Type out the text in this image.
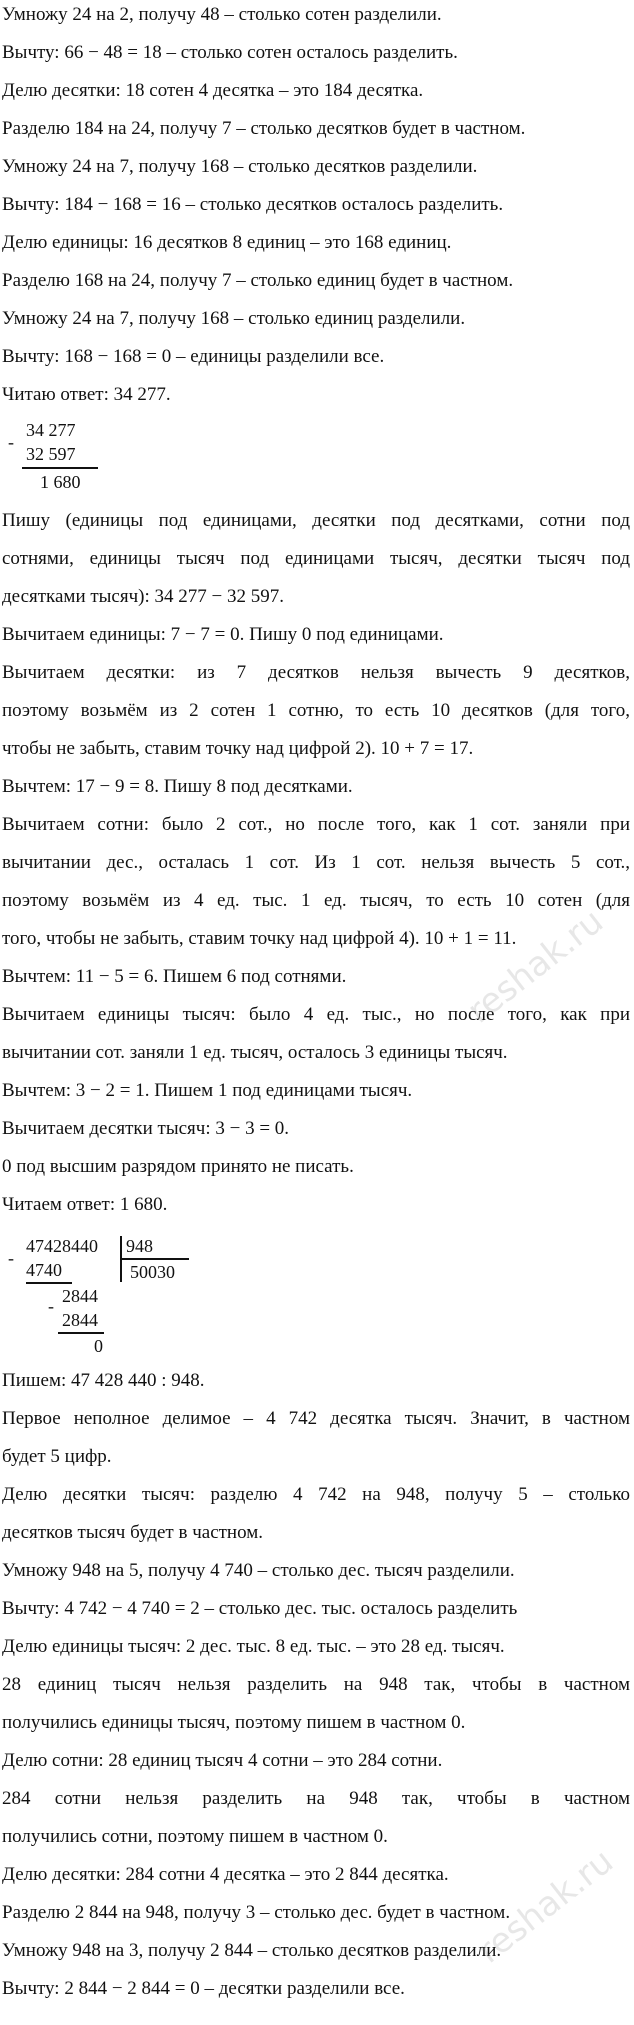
Умножу 24 на 2, получу 48 – столько сотен разделили.
Вычту: 66 − 48 = 18 – столько сотен осталось разделить.
Делю десятки: 18 сотен 4 десятка – это 184 десятка.
Разделю 184 на 24, получу 7 – столько десятков будет в частном.
Умножу 24 на 7, получу 168 – столько десятков разделили.
Вычту: 184 − 168 = 16 – столько десятков осталось разделить.
Делю единицы: 16 десятков 8 единиц – это 168 единиц.
Разделю 168 на 24, получу 7 – столько единиц будет в частном.
Умножу 24 на 7, получу 168 – столько единиц разделили.
Вычту: 168 − 168 = 0 – единицы разделили все.
Читаю ответ: 34 277.
-
34 277
32 597
1 680
Пишу (единицы под единицами, десятки под десятками, сотни под
сотнями, единицы тысяч под единицами тысяч, десятки тысяч под
десятками тысяч): 34 277 − 32 597.
Вычитаем единицы: 7 − 7 = 0. Пишу 0 под единицами.
Вычитаем десятки: из 7 десятков нельзя вычесть 9 десятков,
поэтому возьмём из 2 сотен 1 сотню, то есть 10 десятков (для того,
чтобы не забыть, ставим точку над цифрой 2). 10 + 7 = 17.
Вычтем: 17 − 9 = 8. Пишу 8 под десятками.
Вычитаем сотни: было 2 сот., но после того, как 1 сот. заняли при
вычитании дес., осталась 1 сот. Из 1 сот. нельзя вычесть 5 сот.,
поэтому возьмём из 4 ед. тыс. 1 ед. тысяч, то есть 10 сотен (для
того, чтобы не забыть, ставим точку над цифрой 4). 10 + 1 = 11.
Вычтем: 11 − 5 = 6. Пишем 6 под сотнями.
Вычитаем единицы тысяч: было 4 ед. тыс., но после того, как при
вычитании сот. заняли 1 ед. тысяч, осталось 3 единицы тысяч.
Вычтем: 3 − 2 = 1. Пишем 1 под единицами тысяч.
Вычитаем десятки тысяч: 3 − 3 = 0.
0 под высшим разрядом принято не писать.
Читаем ответ: 1 680.
-
47428440 948
4740	50030
- 2844
2844
0
Пишем: 47 428 440 : 948.
Первое неполное делимое – 4 742 десятка тысяч. Значит, в частном
будет 5 цифр.
Делю десятки тысяч: разделю 4 742 на 948, получу 5 – столько
десятков тысяч будет в частном.
Умножу 948 на 5, получу 4 740 – столько дес. тысяч разделили.
Вычту: 4 742 − 4 740 = 2 – столько дес. тыс. осталось разделить
Делю единицы тысяч: 2 дес. тыс. 8 ед. тыс. – это 28 ед. тысяч.
28 единиц тысяч нельзя разделить на 948 так, чтобы в частном
получились единицы тысяч, поэтому пишем в частном 0.
Делю сотни: 28 единиц тысяч 4 сотни – это 284 сотни.
284 сотни нельзя разделить на 948 так, чтобы в частном
получились сотни, поэтому пишем в частном 0.
Делю десятки: 284 сотни 4 десятка – это 2 844 десятка.
Разделю 2 844 на 948, получу 3 – столько дес. будет в частном.
Умножу 948 на 3, получу 2 844 – столько десятков разделили.
Вычту: 2 844 − 2 844 = 0 – десятки разделили все.
reshak.ru
reshak.ru
